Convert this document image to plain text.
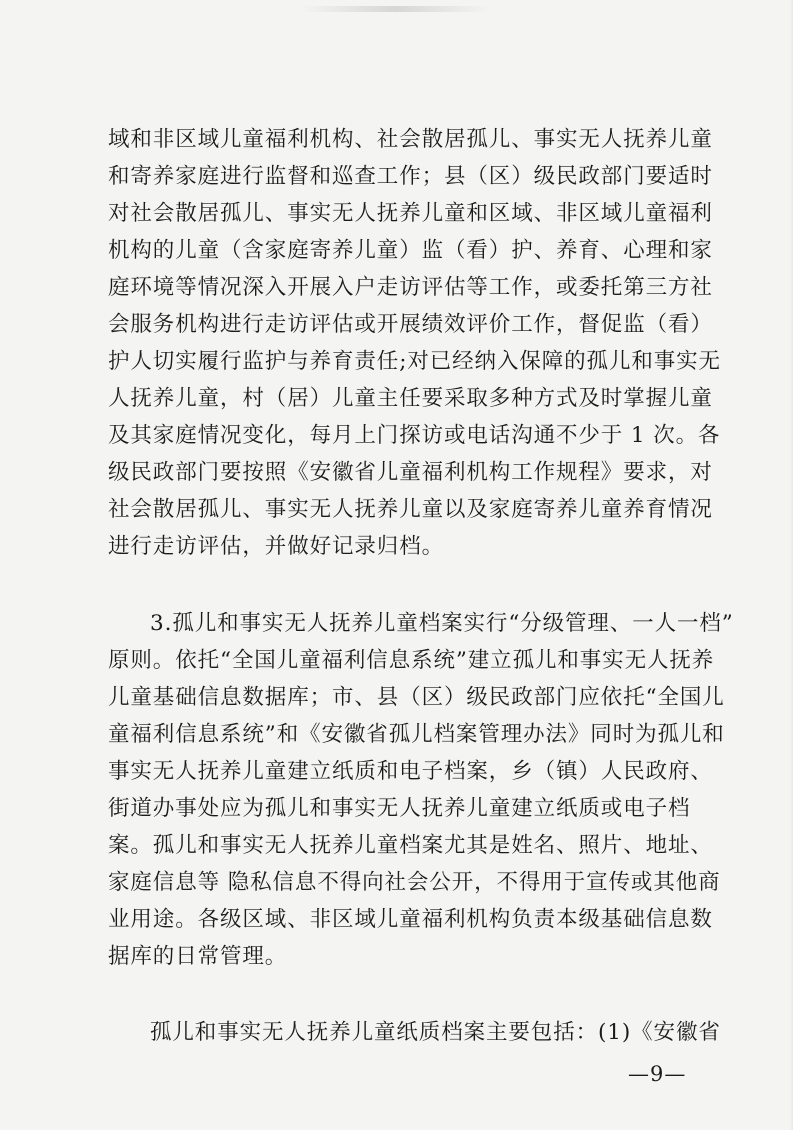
域和非区域儿童福利机构、社会散居孤儿、事实无人抚养儿童
和寄养家庭进行监督和巡查工作；县（区）级民政部门要适时
对社会散居孤儿、事实无人抚养儿童和区域、非区域儿童福利
机构的儿童（含家庭寄养儿童）监（看）护、养育、心理和家
庭环境等情况深入开展入户走访评估等工作，或委托第三方社
会服务机构进行走访评估或开展绩效评价工作，督促监（看）
护人切实履行监护与养育责任;对已经纳入保障的孤儿和事实无
人抚养儿童，村（居）儿童主任要采取多种方式及时掌握儿童
及其家庭情况变化，每月上门探访或电话沟通不少于 1 次。各
级民政部门要按照《安徽省儿童福利机构工作规程》要求，对
社会散居孤儿、事实无人抚养儿童以及家庭寄养儿童养育情况
进行走访评估，并做好记录归档。
3.孤儿和事实无人抚养儿童档案实行“分级管理、一人一档”
原则。依托“全国儿童福利信息系统”建立孤儿和事实无人抚养
儿童基础信息数据库；市、县（区）级民政部门应依托“全国儿
童福利信息系统”和《安徽省孤儿档案管理办法》同时为孤儿和
事实无人抚养儿童建立纸质和电子档案，乡（镇）人民政府、
街道办事处应为孤儿和事实无人抚养儿童建立纸质或电子档
案。孤儿和事实无人抚养儿童档案尤其是姓名、照片、地址、
家庭信息等 隐私信息不得向社会公开，不得用于宣传或其他商
业用途。各级区域、非区域儿童福利机构负责本级基础信息数
据库的日常管理。
孤儿和事实无人抚养儿童纸质档案主要包括：(1)《安徽省
—9—
